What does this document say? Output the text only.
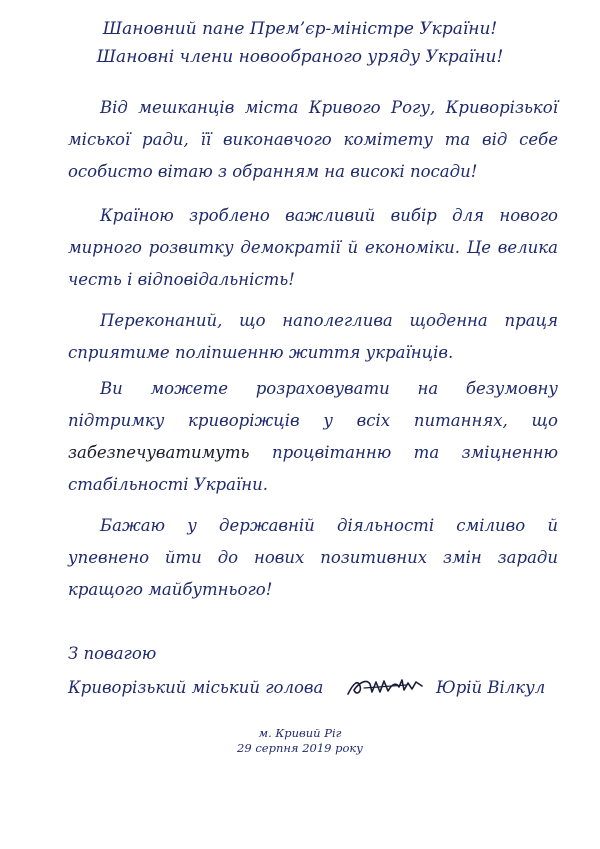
Шановний пане Прем’єр-міністре України!
Шановні члени новообраного уряду України!

Від мешканців міста Кривого Рогу, Криворізької міської ради, її виконавчого комітету та від себе особисто вітаю з обранням на високі посади!

Країною зроблено важливий вибір для нового мирного розвитку демократії й економіки. Це велика честь і відповідальність!

Переконаний, що наполеглива щоденна праця сприятиме поліпшенню життя українців.

Ви можете розраховувати на безумовну підтримку криворіжців у всіх питаннях, що забезпечуватимуть процвітанню та зміцненню стабільності України.

Бажаю у державній діяльності сміливо й упевнено йти до нових позитивних змін заради кращого майбутнього!

З повагою
Криворізький міський голова	Юрій Вілкул
м. Кривий Ріг
29 серпня 2019 року
